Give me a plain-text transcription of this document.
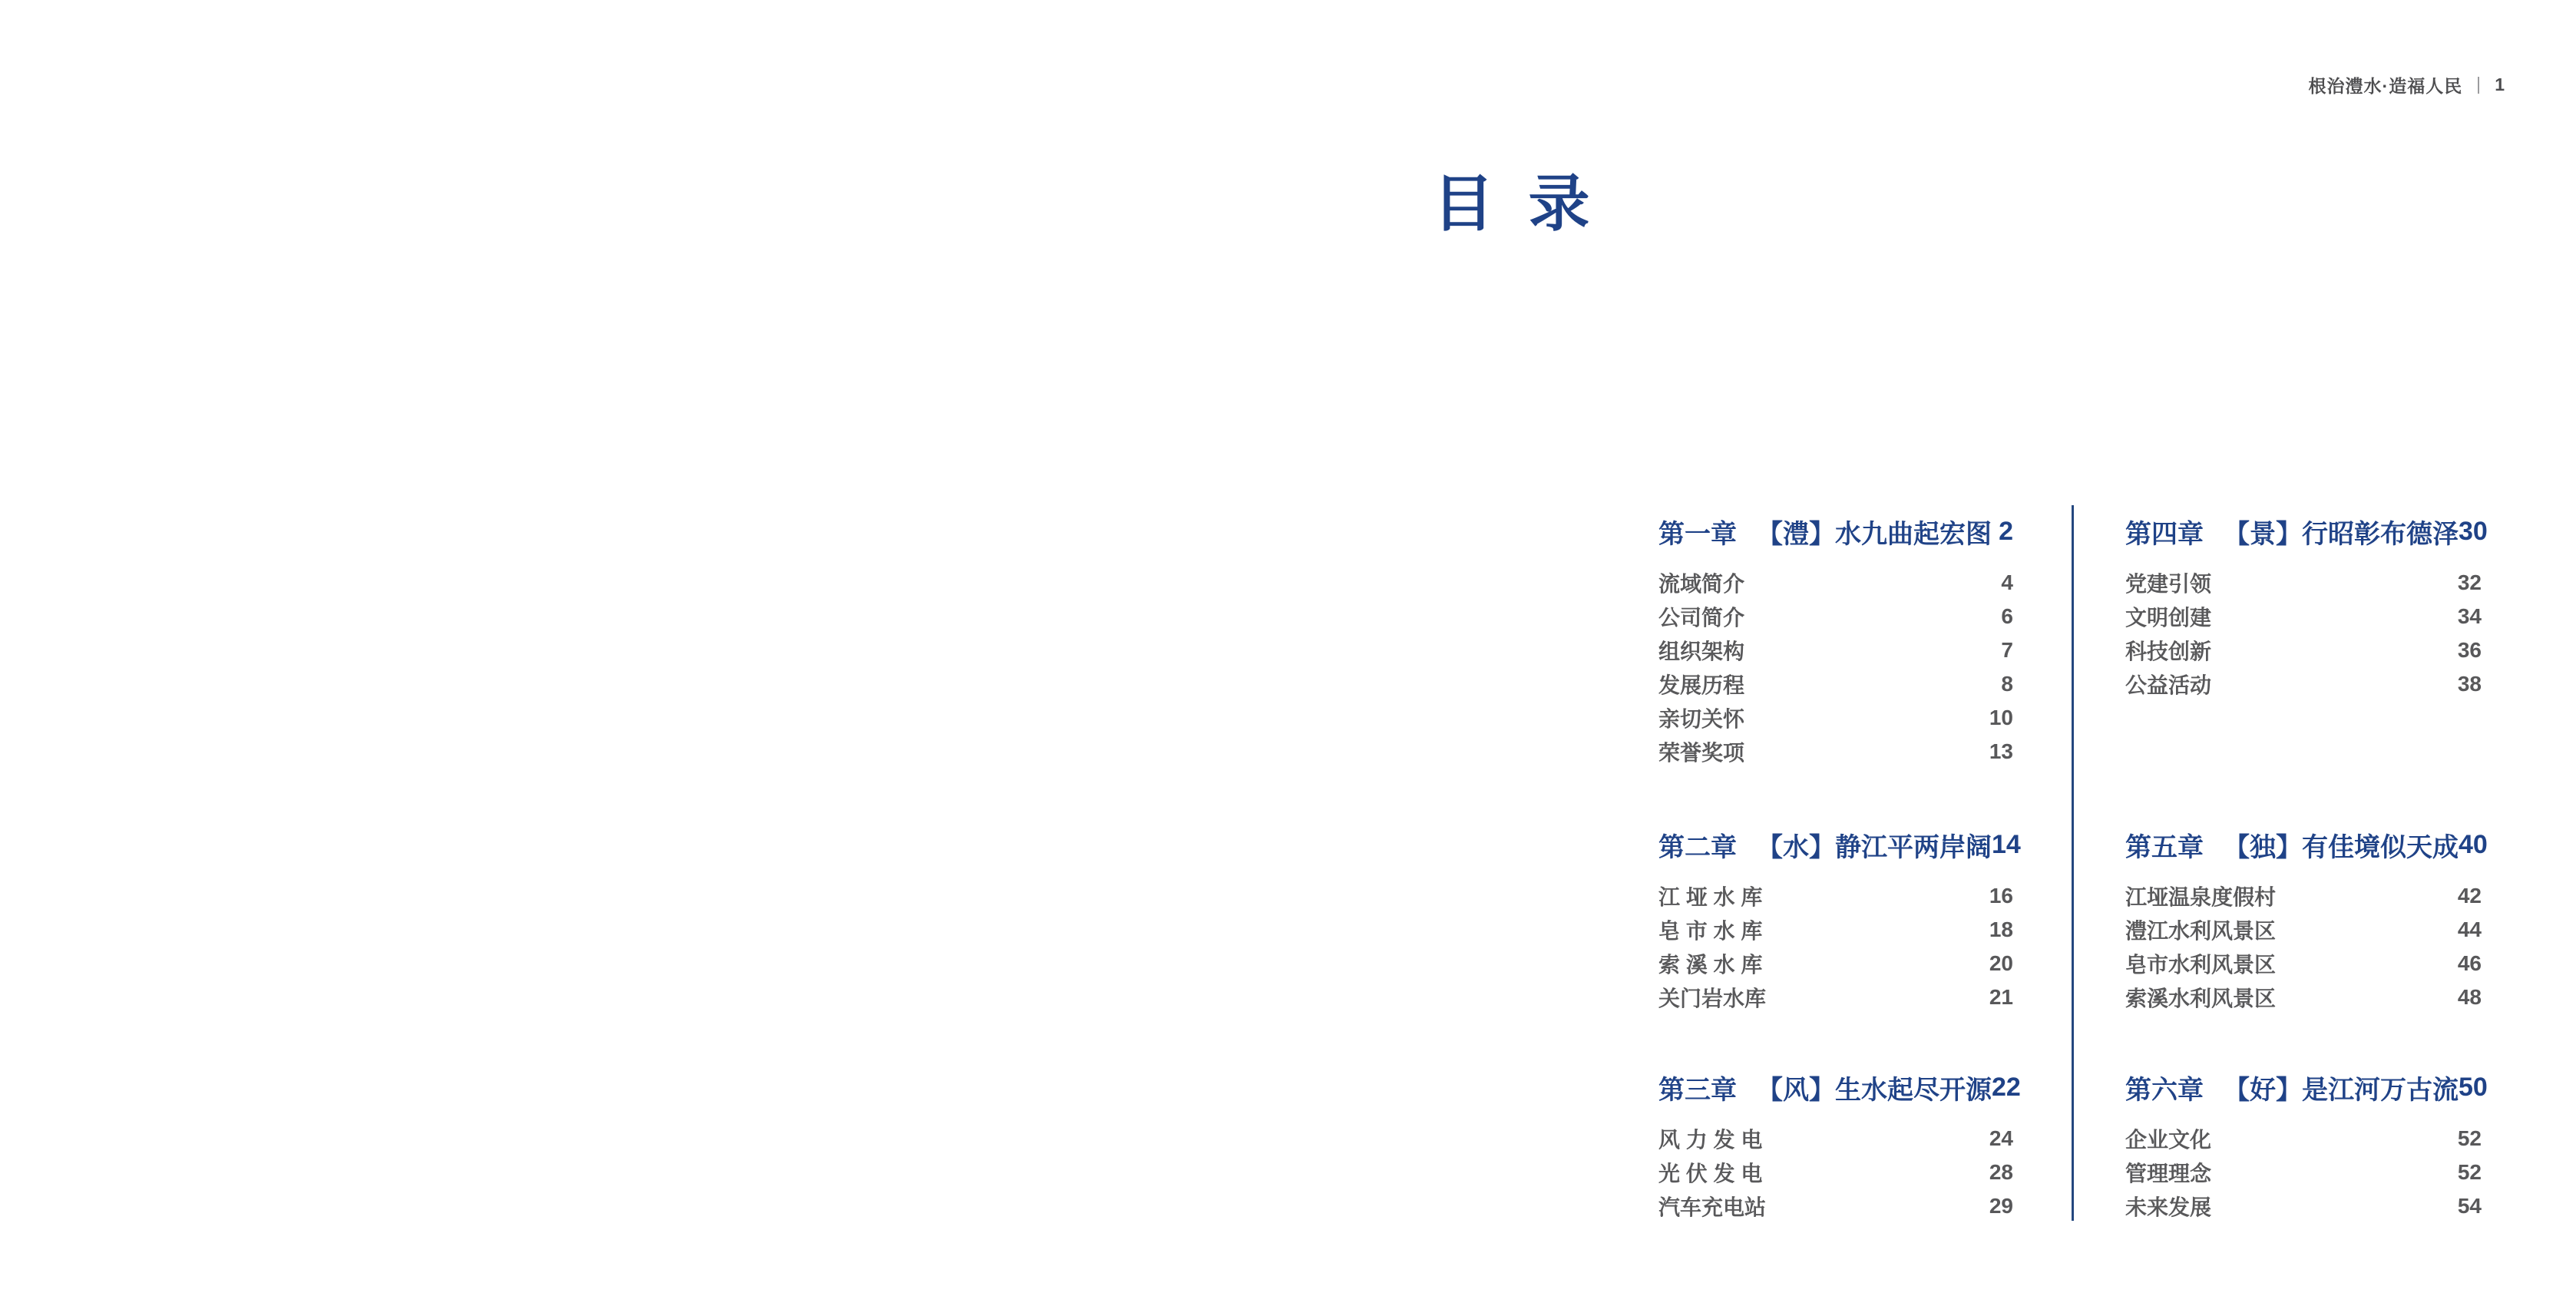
根治澧水·造福人民 1
目  录
第一章 【澧】水九曲起宏图 2
流域简介	4
公司简介	6
组织架构	7
发展历程	8
亲切关怀	10
荣誉奖项	13
第二章 【水】静江平两岸阔 14
江 垭 水 库	16
皂 市 水 库	18
索 溪 水 库	20
关门岩水库	21
第三章 【风】生水起尽开源 22
风 力 发 电	24
光 伏 发 电	28
汽车充电站	29
第四章 【景】行昭彰布德泽 30
党建引领	32
文明创建	34
科技创新	36
公益活动	38
第五章 【独】有佳境似天成 40
江垭温泉度假村	42
澧江水利风景区	44
皂市水利风景区	46
索溪水利风景区	48
第六章 【好】是江河万古流 50
企业文化	52
管理理念	52
未来发展	54
